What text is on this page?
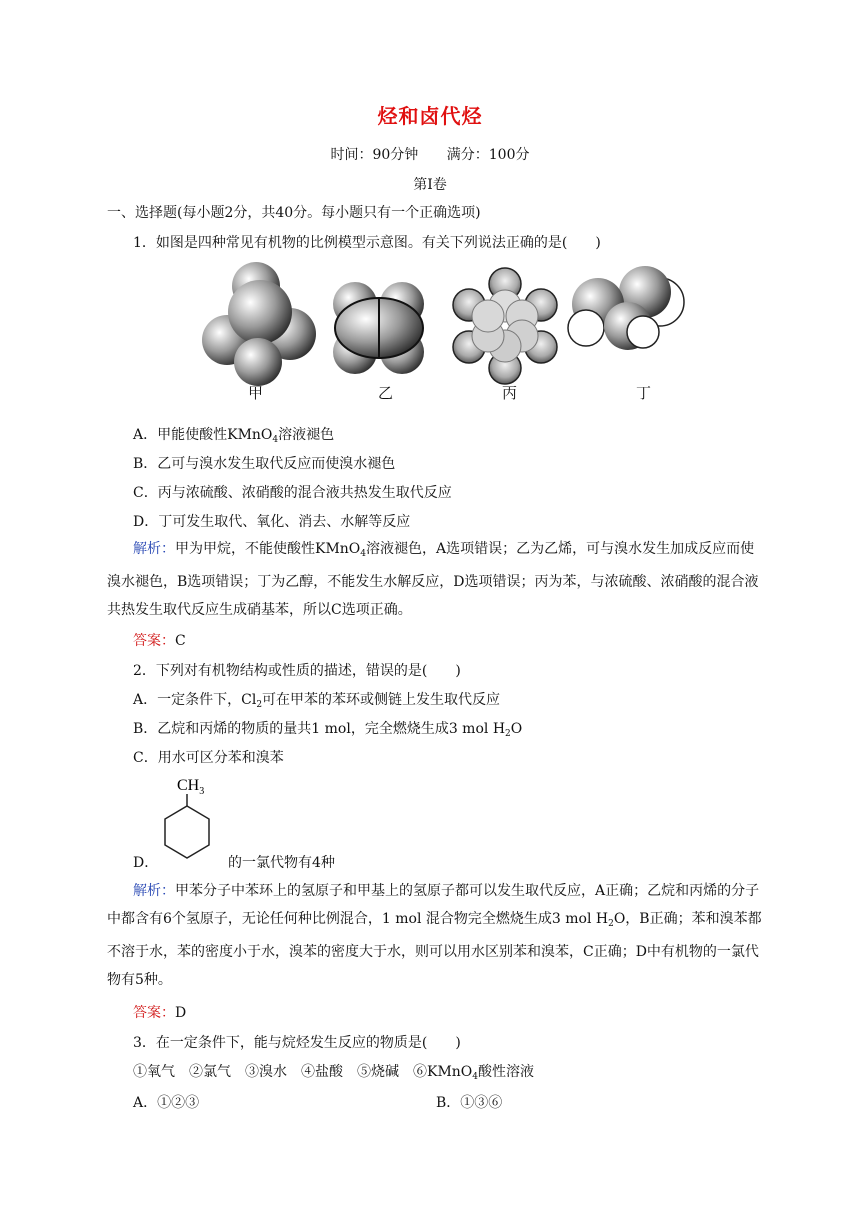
烃和卤代烃
时间：90分钟 满分：100分
第Ⅰ卷
一、选择题(每小题2分，共40分。每小题只有一个正确选项)
1．如图是四种常见有机物的比例模型示意图。有关下列说法正确的是(　　)
甲	乙	丙	丁
A．甲能使酸性KMnO$_4$溶液褪色
B．乙可与溴水发生取代反应而使溴水褪色
C．丙与浓硫酸、浓硝酸的混合液共热发生取代反应
D．丁可发生取代、氧化、消去、水解等反应
解析：甲为甲烷，不能使酸性KMnO$_4$溶液褪色，A选项错误；乙为乙烯，可与溴水发生加成反应而使溴水褪色，B选项错误；丁为乙醇，不能发生水解反应，D选项错误；丙为苯，与浓硫酸、浓硝酸的混合液共热发生取代反应生成硝基苯，所以C选项正确。
答案：C
2．下列对有机物结构或性质的描述，错误的是(　　)
A．一定条件下，$Cl_2$可在甲苯的苯环或侧链上发生取代反应
B．乙烷和丙烯的物质的量共1 mol，完全燃烧生成3 mol $H_2O$
C．用水可区分苯和溴苯
$CH_3$
D．	的一氯代物有4种
解析：甲苯分子中苯环上的氢原子和甲基上的氢原子都可以发生取代反应，A正确；乙烷和丙烯的分子中都含有6个氢原子，无论任何种比例混合，1 mol 混合物完全燃烧生成3 mol $H_2O$，B正确；苯和溴苯都不溶于水，苯的密度小于水，溴苯的密度大于水，则可以用水区别苯和溴苯，C正确；D中有机物的一氯代物有5种。
答案：D
3．在一定条件下，能与烷烃发生反应的物质是(　　)
①氧气　②氯气　③溴水　④盐酸　⑤烧碱　⑥KMnO$_4$酸性溶液
A．①②③	B．①③⑥
